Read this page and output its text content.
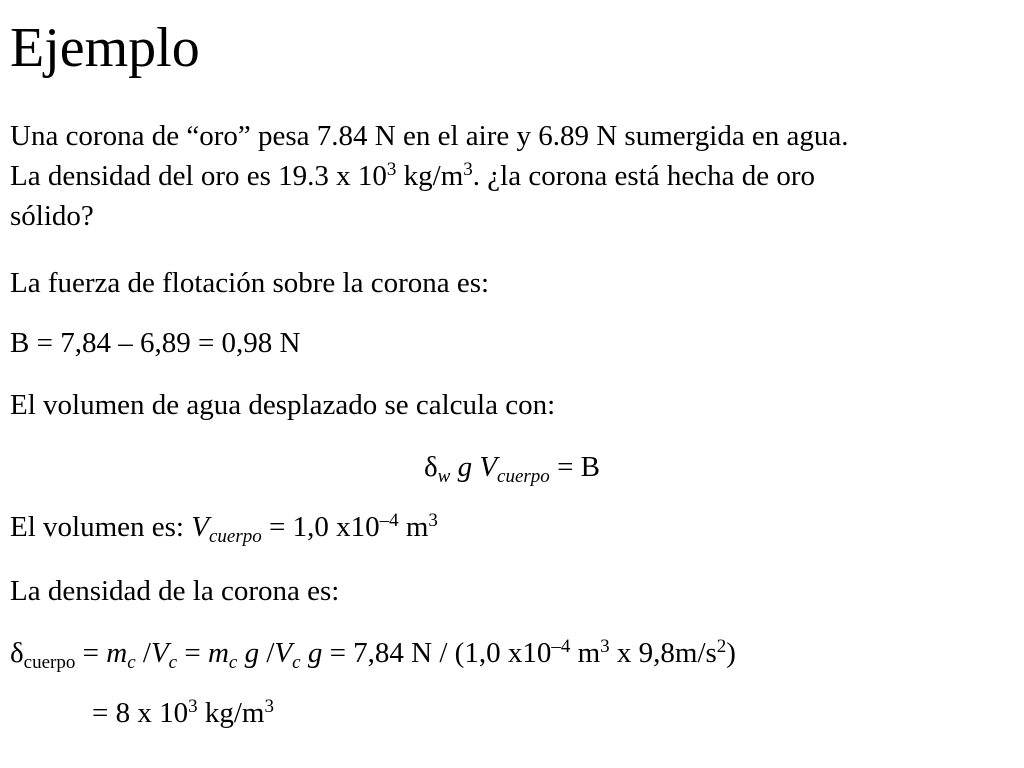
Ejemplo
Una corona de “oro” pesa 7.84 N en el aire y 6.89 N sumergida en agua.
La densidad del oro es 19.3 x $10^3$ $kg/m^3$. ¿la corona está hecha de oro
sólido?
La fuerza de flotación sobre la corona es:
B = 7,84 – 6,89 = 0,98 N
El volumen de agua desplazado se calcula con:
$\delta_w$ g $V_{cuerpo} = B$
El volumen es: $V_{cuerpo} = 1,0$ $x10^{-4}$ $m^3$
La densidad de la corona es:
$\delta_{cuerpo} = m_c$ $/V_c = m_c$ g $/V_c$ g = 7,84 N / (1,0 $x10^{-4}$ $m^3$ x $9,8m/s^2$)
= 8 x $10^3$ $kg/m^3$
